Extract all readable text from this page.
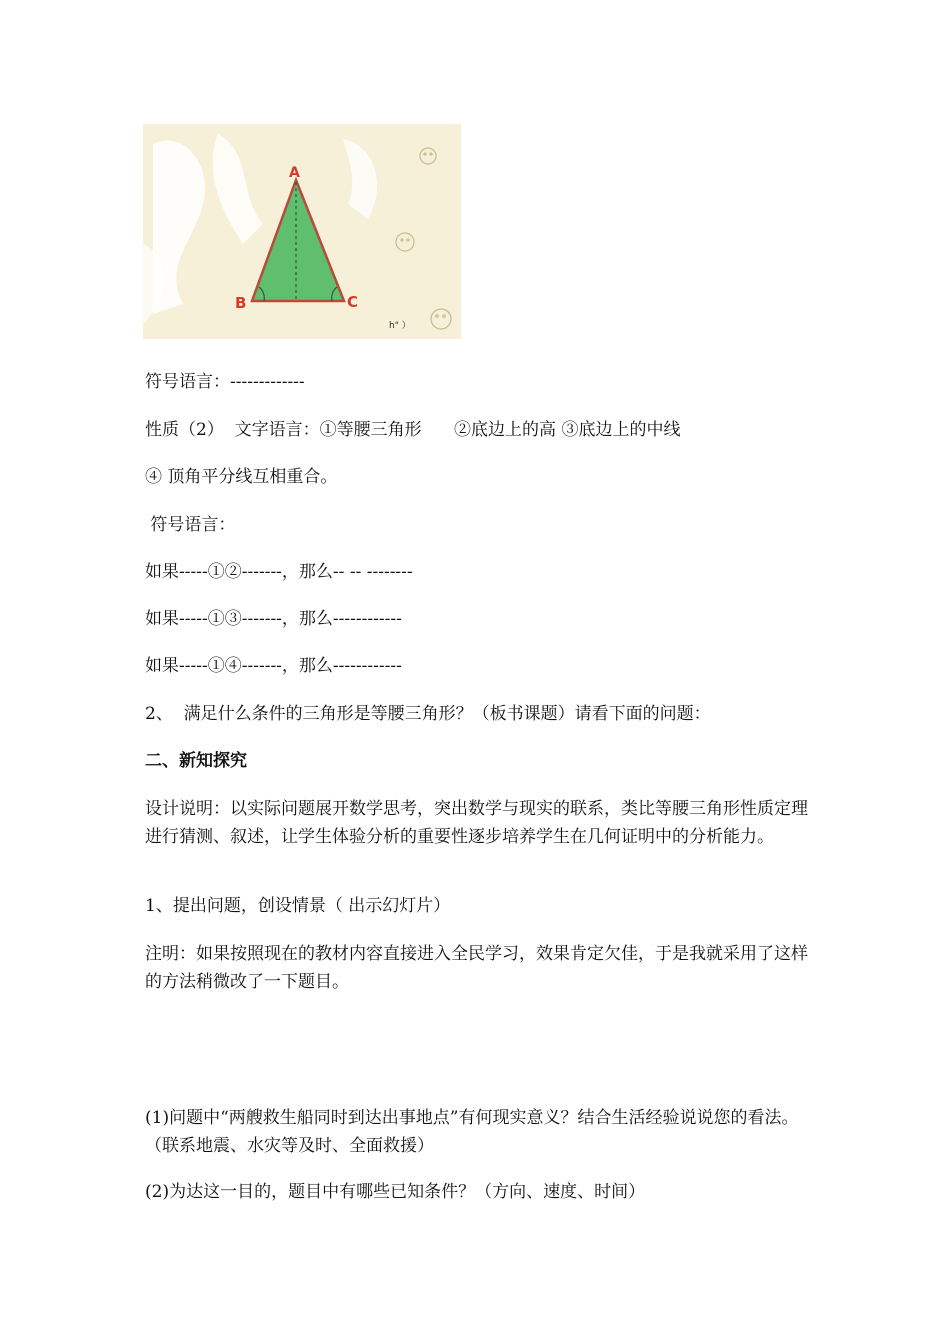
A
B	C
h" ）
符号语言：-------------
性质（2）  文字语言：①等腰三角形      ②底边上的高 ③底边上的中线
④ 顶角平分线互相重合。
符号语言：
如果-----①②-------，那么-- -- --------
如果-----①③-------，那么------------
如果-----①④-------，那么------------
2、  满足什么条件的三角形是等腰三角形？（板书课题）请看下面的问题：
二、新知探究
设计说明：以实际问题展开数学思考，突出数学与现实的联系，类比等腰三角形性质定理进行猜测、叙述，让学生体验分析的重要性逐步培养学生在几何证明中的分析能力。
1、提出问题，创设情景（ 出示幻灯片）
注明：如果按照现在的教材内容直接进入全民学习，效果肯定欠佳，于是我就采用了这样的方法稍微改了一下题目。
(1)问题中“两艘救生船同时到达出事地点”有何现实意义？结合生活经验说说您的看法。（联系地震、水灾等及时、全面救援）
(2)为达这一目的，题目中有哪些已知条件？（方向、速度、时间）
